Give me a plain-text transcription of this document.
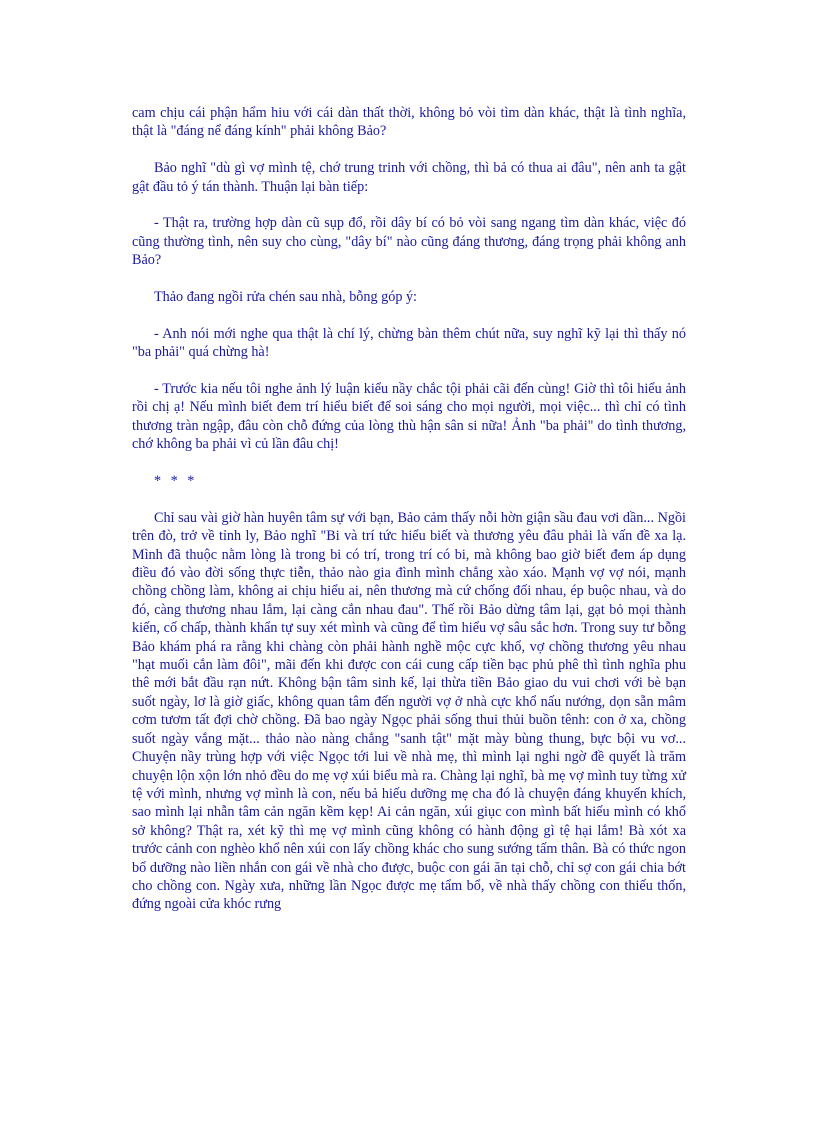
cam chịu cái phận hẩm hiu với cái dàn thất thời, không bỏ vòi tìm dàn khác, thật là tình nghĩa, thật là "đáng nể đáng kính" phải không Bảo?

Bảo nghĩ "dù gì vợ mình tệ, chớ trung trinh với chồng, thì bả có thua ai đâu", nên anh ta gật gật đầu tỏ ý tán thành. Thuận lại bàn tiếp:

- Thật ra, trường hợp dàn cũ sụp đổ, rồi dây bí có bỏ vòi sang ngang tìm dàn khác, việc đó cũng thường tình, nên suy cho cùng, "dây bí" nào cũng đáng thương, đáng trọng phải không anh Bảo?

Thảo đang ngồi rửa chén sau nhà, bỗng góp ý:

- Anh nói mới nghe qua thật là chí lý, chừng bàn thêm chút nữa, suy nghĩ kỹ lại thì thấy nó "ba phải" quá chừng hà!

- Trước kia nếu tôi nghe ảnh lý luận kiểu nầy chắc tội phải cãi đến cùng! Giờ thì tôi hiểu ảnh rồi chị ạ! Nếu mình biết đem trí hiểu biết để soi sáng cho mọi người, mọi việc... thì chỉ có tình thương tràn ngập, đâu còn chỗ đứng của lòng thù hận sân si nữa! Ảnh "ba phải" do tình thương, chớ không ba phải vì củ lần đâu chị!

* * *

Chỉ sau vài giờ hàn huyên tâm sự với bạn, Bảo cảm thấy nỗi hờn giận sầu đau vơi dần... Ngồi trên đò, trở về tỉnh ly, Bảo nghĩ "Bi và trí tức hiểu biết và thương yêu đâu phải là vấn đề xa lạ. Mình đã thuộc nằm lòng là trong bi có trí, trong trí có bi, mà không bao giờ biết đem áp dụng điều đó vào đời sống thực tiễn, thảo nào gia đình mình chẳng xào xáo. Mạnh vợ vợ nói, mạnh chồng chồng làm, không ai chịu hiểu ai, nên thương mà cứ chống đối nhau, ép buộc nhau, và do đó, càng thương nhau lắm, lại càng cắn nhau đau". Thế rồi Bảo dừng tâm lại, gạt bỏ mọi thành kiến, cố chấp, thành khẩn tự suy xét mình và cũng để tìm hiểu vợ sâu sắc hơn. Trong suy tư bỗng Bảo khám phá ra rằng khi chàng còn phải hành nghề mộc cực khổ, vợ chồng thương yêu nhau "hạt muối cắn làm đôi", mãi đến khi được con cái cung cấp tiền bạc phủ phê thì tình nghĩa phu thê mới bắt đầu rạn nứt. Không bận tâm sinh kế, lại thừa tiền Bảo giao du vui chơi với bè bạn suốt ngày, lơ là giờ giấc, không quan tâm đến người vợ ở nhà cực khổ nấu nướng, dọn sẵn mâm cơm tươm tất đợi chờ chồng. Đã bao ngày Ngọc phải sống thui thủi buồn tênh: con ở xa, chồng suốt ngày vắng mặt... thảo nào nàng chẳng "sanh tật" mặt mày bùng thung, bực bội vu vơ... Chuyện nầy trùng hợp với việc Ngọc tới lui về nhà mẹ, thì mình lại nghi ngờ đề quyết là trăm chuyện lộn xộn lớn nhỏ đều do mẹ vợ xúi biểu mà ra. Chàng lại nghĩ, bà mẹ vợ mình tuy từng xử tệ với mình, nhưng vợ mình là con, nếu bả hiếu dưỡng mẹ cha đó là chuyện đáng khuyến khích, sao mình lại nhẫn tâm cản ngăn kềm kẹp! Ai cản ngăn, xúi giục con mình bất hiếu mình có khổ sở không? Thật ra, xét kỹ thì mẹ vợ mình cũng không có hành động gì tệ hại lắm! Bà xót xa trước cảnh con nghèo khổ nên xúi con lấy chồng khác cho sung sướng tấm thân. Bà có thức ngon bổ dưỡng nào liền nhắn con gái về nhà cho được, buộc con gái ăn tại chỗ, chỉ sợ con gái chia bớt cho chồng con. Ngày xưa, những lần Ngọc được mẹ tẩm bổ, về nhà thấy chồng con thiếu thốn, đứng ngoài cửa khóc rưng
